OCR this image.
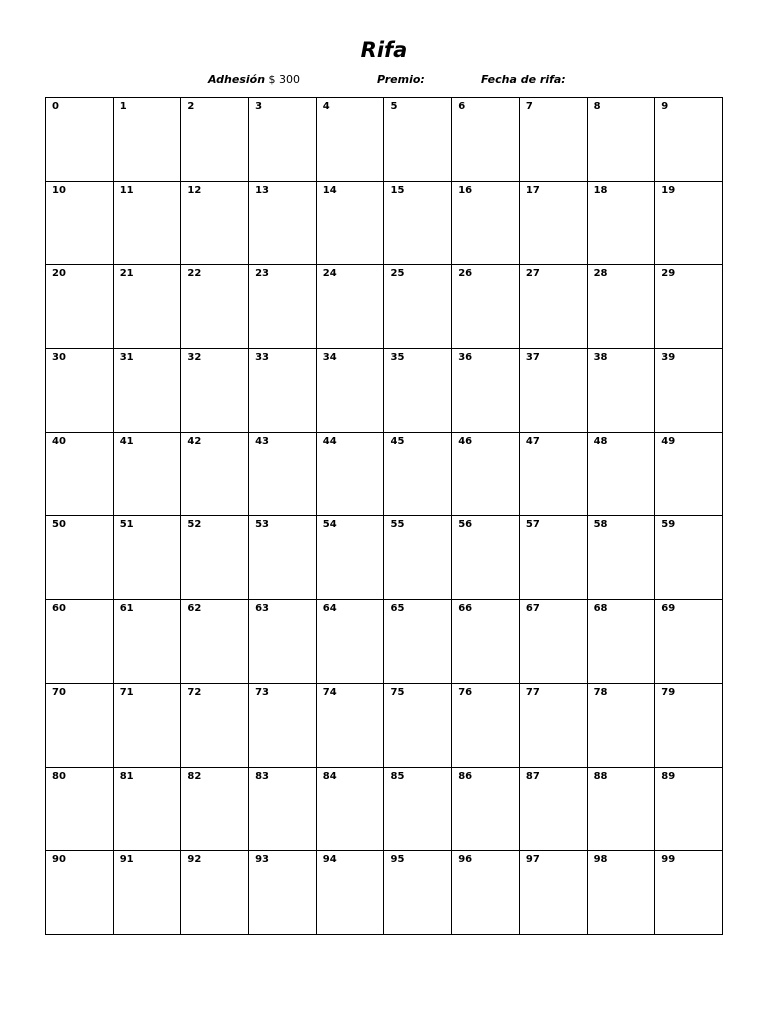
Rifa
Adhesión $ 300	Premio:	Fecha de rifa:
0	1	2	3	4	5	6	7	8	9
10	11	12	13	14	15	16	17	18	19
20	21	22	23	24	25	26	27	28	29
30	31	32	33	34	35	36	37	38	39
40	41	42	43	44	45	46	47	48	49
50	51	52	53	54	55	56	57	58	59
60	61	62	63	64	65	66	67	68	69
70	71	72	73	74	75	76	77	78	79
80	81	82	83	84	85	86	87	88	89
90	91	92	93	94	95	96	97	98	99
